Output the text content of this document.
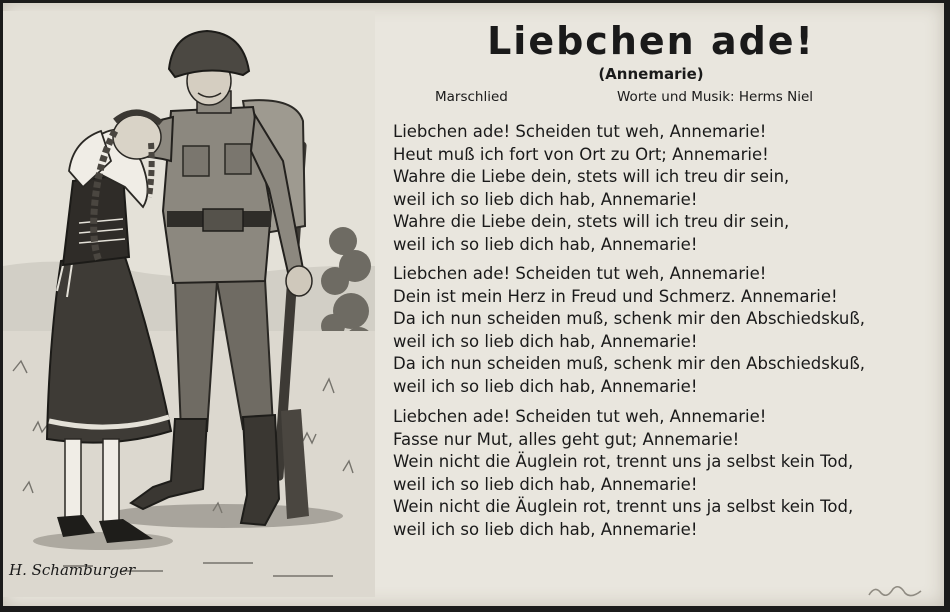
H. Schamburger
Liebchen ade!
(Annemarie)
Marschlied	Worte und Musik: Herms Niel
Liebchen ade! Scheiden tut weh, Annemarie!
Heut muß ich fort von Ort zu Ort; Annemarie!
Wahre die Liebe dein, stets will ich treu dir sein,
weil ich so lieb dich hab, Annemarie!
Wahre die Liebe dein, stets will ich treu dir sein,
weil ich so lieb dich hab, Annemarie!
Liebchen ade! Scheiden tut weh, Annemarie!
Dein ist mein Herz in Freud und Schmerz. Annemarie!
Da ich nun scheiden muß, schenk mir den Abschiedskuß,
weil ich so lieb dich hab, Annemarie!
Da ich nun scheiden muß, schenk mir den Abschiedskuß,
weil ich so lieb dich hab, Annemarie!
Liebchen ade! Scheiden tut weh, Annemarie!
Fasse nur Mut, alles geht gut; Annemarie!
Wein nicht die Äuglein rot, trennt uns ja selbst kein Tod,
weil ich so lieb dich hab, Annemarie!
Wein nicht die Äuglein rot, trennt uns ja selbst kein Tod,
weil ich so lieb dich hab, Annemarie!
